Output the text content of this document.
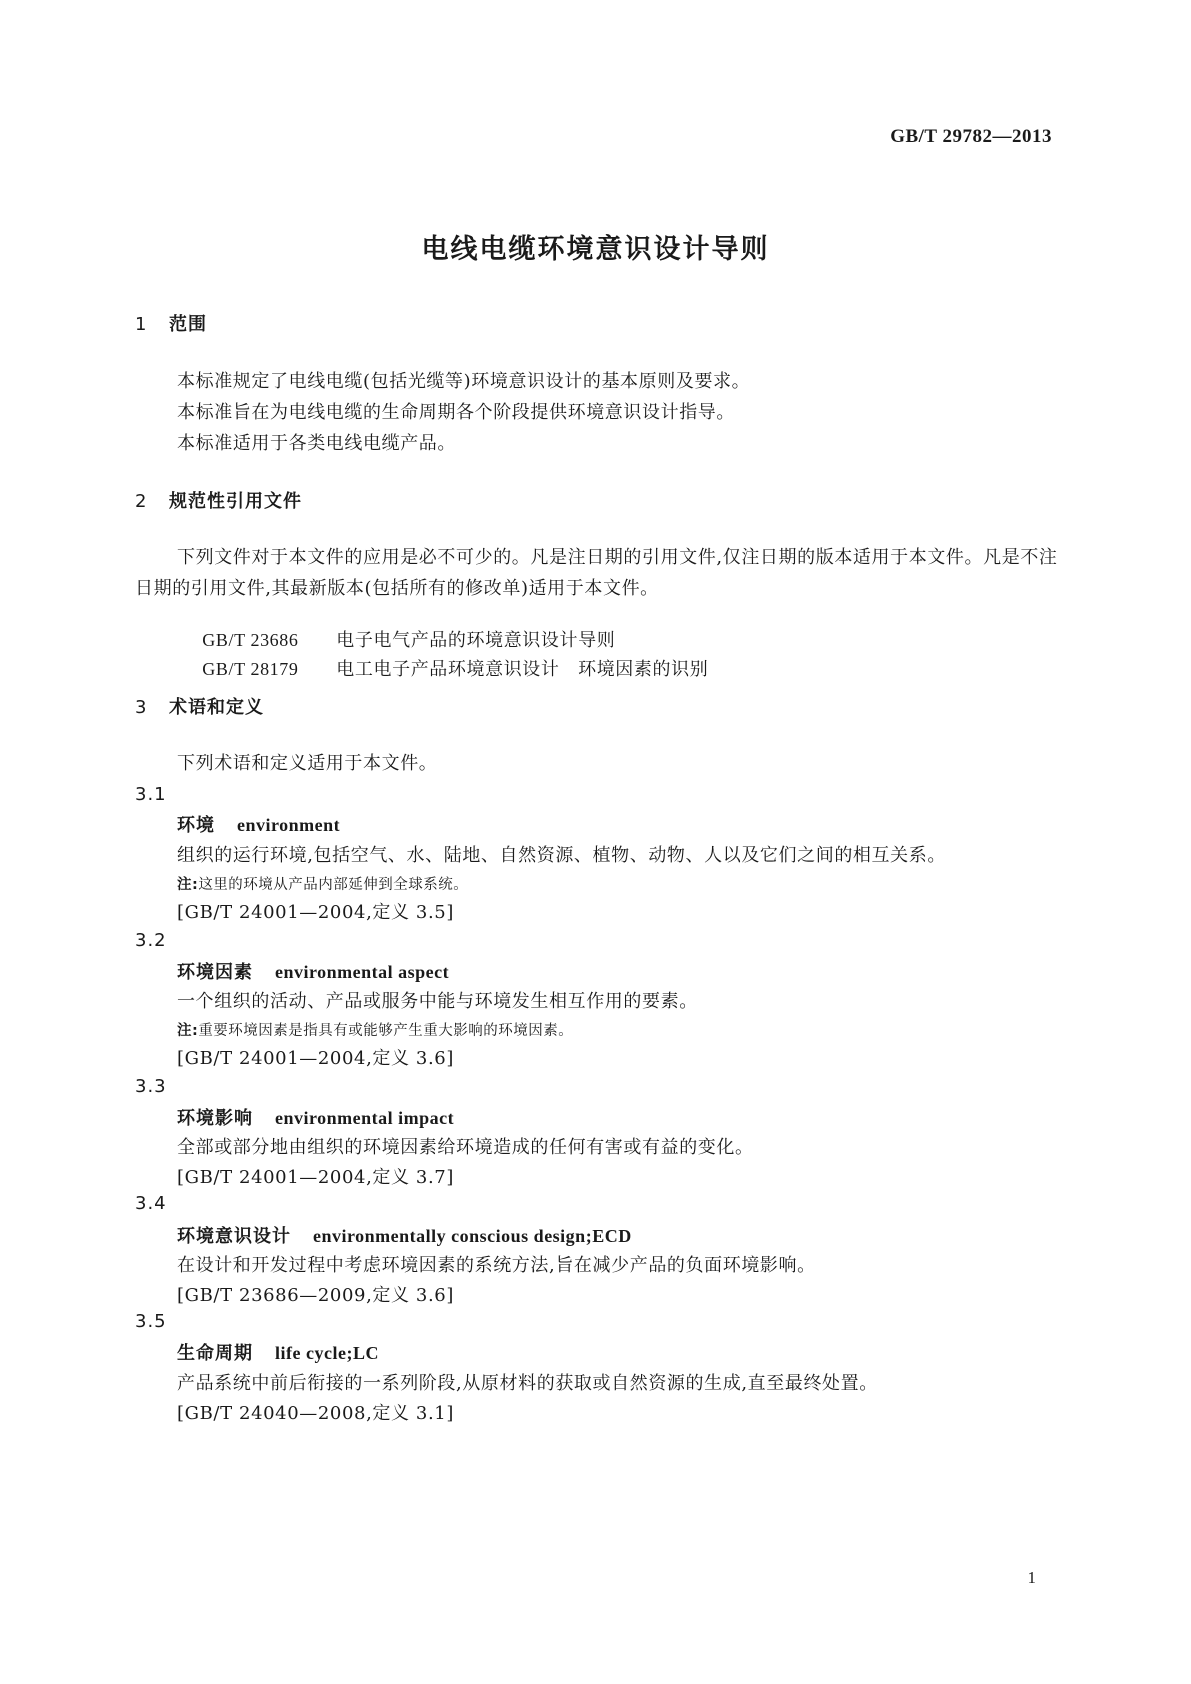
GB/T 29782—2013
电线电缆环境意识设计导则
1 范围

本标准规定了电线电缆(包括光缆等)环境意识设计的基本原则及要求。

本标准旨在为电线电缆的生命周期各个阶段提供环境意识设计指导。

本标准适用于各类电线电缆产品。

2 规范性引用文件

下列文件对于本文件的应用是必不可少的。凡是注日期的引用文件,仅注日期的版本适用于本文件。凡是不注日期的引用文件,其最新版本(包括所有的修改单)适用于本文件。

GB/T 23686 电子电气产品的环境意识设计导则

GB/T 28179 电工电子产品环境意识设计　环境因素的识别

3 术语和定义

下列术语和定义适用于本文件。

3.1
环境 environment
组织的运行环境,包括空气、水、陆地、自然资源、植物、动物、人以及它们之间的相互关系。
注:这里的环境从产品内部延伸到全球系统。
[GB/T 24001—2004,定义 3.5]
3.2
环境因素 environmental aspect
一个组织的活动、产品或服务中能与环境发生相互作用的要素。
注:重要环境因素是指具有或能够产生重大影响的环境因素。
[GB/T 24001—2004,定义 3.6]
3.3
环境影响 environmental impact
全部或部分地由组织的环境因素给环境造成的任何有害或有益的变化。
[GB/T 24001—2004,定义 3.7]
3.4
环境意识设计 environmentally conscious design;ECD
在设计和开发过程中考虑环境因素的系统方法,旨在减少产品的负面环境影响。
[GB/T 23686—2009,定义 3.6]
3.5
生命周期 life cycle;LC
产品系统中前后衔接的一系列阶段,从原材料的获取或自然资源的生成,直至最终处置。
[GB/T 24040—2008,定义 3.1]
1
